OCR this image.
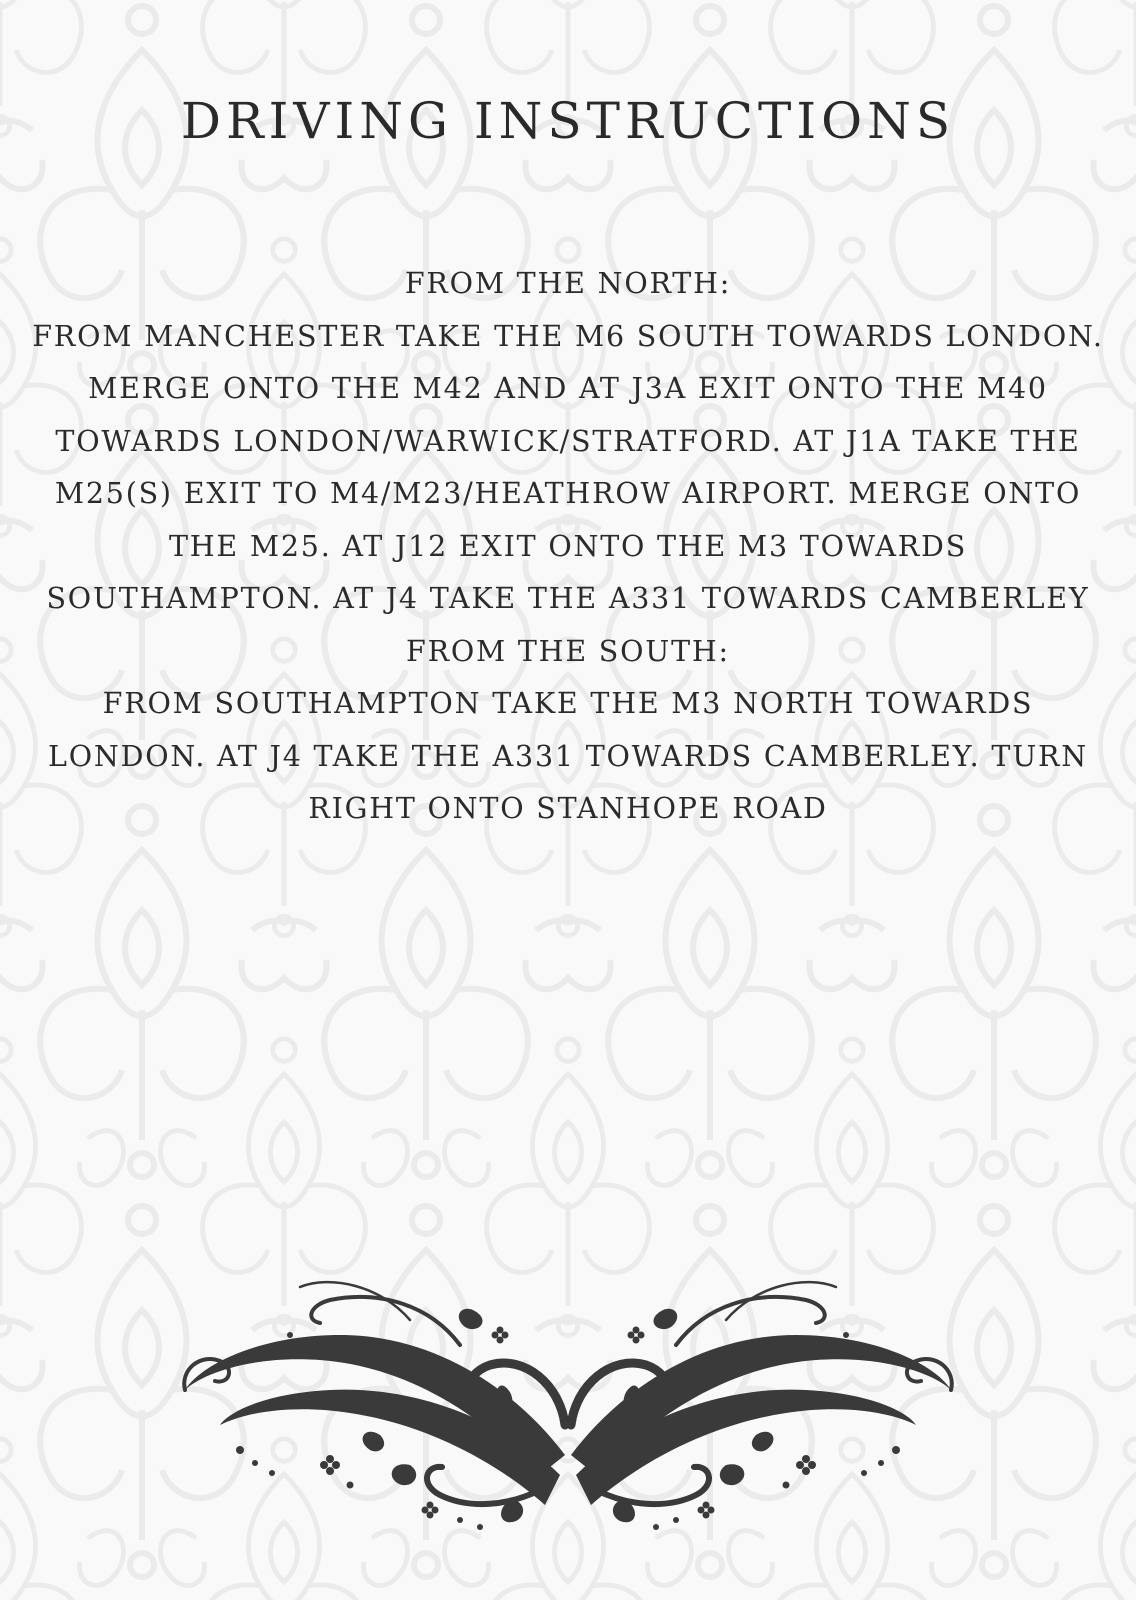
DRIVING INSTRUCTIONS

FROM THE NORTH:

FROM MANCHESTER TAKE THE M6 SOUTH TOWARDS LONDON. MERGE ONTO THE M42 AND AT J3A EXIT ONTO THE M40 TOWARDS LONDON/WARWICK/STRATFORD. AT J1A TAKE THE M25(S) EXIT TO M4/M23/HEATHROW AIRPORT. MERGE ONTO THE M25. AT J12 EXIT ONTO THE M3 TOWARDS SOUTHAMPTON. AT J4 TAKE THE A331 TOWARDS CAMBERLEY

FROM THE SOUTH:

FROM SOUTHAMPTON TAKE THE M3 NORTH TOWARDS LONDON. AT J4 TAKE THE A331 TOWARDS CAMBERLEY. TURN RIGHT ONTO STANHOPE ROAD
